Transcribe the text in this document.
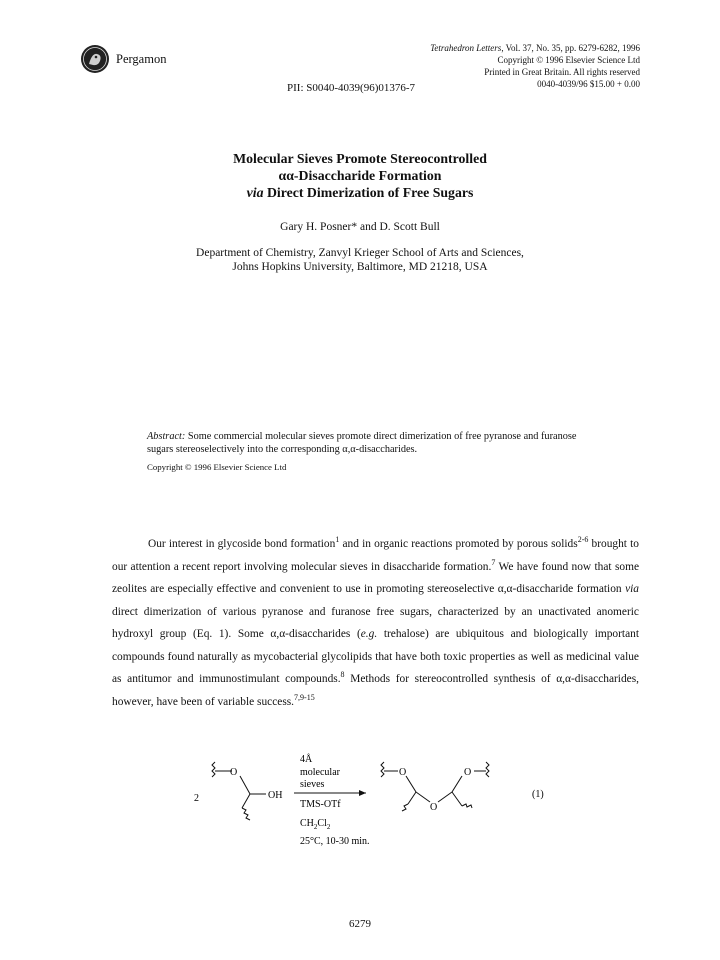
Pergamon
Tetrahedron Letters, Vol. 37, No. 35, pp. 6279-6282, 1996
Copyright © 1996 Elsevier Science Ltd
Printed in Great Britain. All rights reserved
0040-4039/96 $15.00 + 0.00
PII: S0040-4039(96)01376-7
Molecular Sieves Promote Stereocontrolled
αα-Disaccharide Formation
via Direct Dimerization of Free Sugars
Gary H. Posner* and D. Scott Bull
Department of Chemistry, Zanvyl Krieger School of Arts and Sciences,
Johns Hopkins University, Baltimore, MD 21218, USA
Abstract: Some commercial molecular sieves promote direct dimerization of free pyranose and furanose sugars stereoselectively into the corresponding α,α-disaccharides.
Copyright © 1996 Elsevier Science Ltd

Our interest in glycoside bond formation$^1$ and in organic reactions promoted by porous solids$^{2-6}$ brought to our attention a recent report involving molecular sieves in disaccharide formation.$^7$ We have found now that some zeolites are especially effective and convenient to use in promoting stereoselective α,α-disaccharide formation via direct dimerization of various pyranose and furanose free sugars, characterized by an unactivated anomeric hydroxyl group (Eq. 1). Some α,α-disaccharides (e.g. trehalose) are ubiquitous and biologically important compounds found naturally as mycobacterial glycolipids that have both toxic properties as well as medicinal value as antitumor and immunostimulant compounds.$^8$ Methods for stereocontrolled synthesis of α,α-disaccharides, however, have been of variable success.$^{7,9-15}$

2
O
OH
4Å
molecular
sieves
TMS-OTf
$CH_2Cl_2$
25°C, 10-30 min.
O
O
O
(1)
6279
